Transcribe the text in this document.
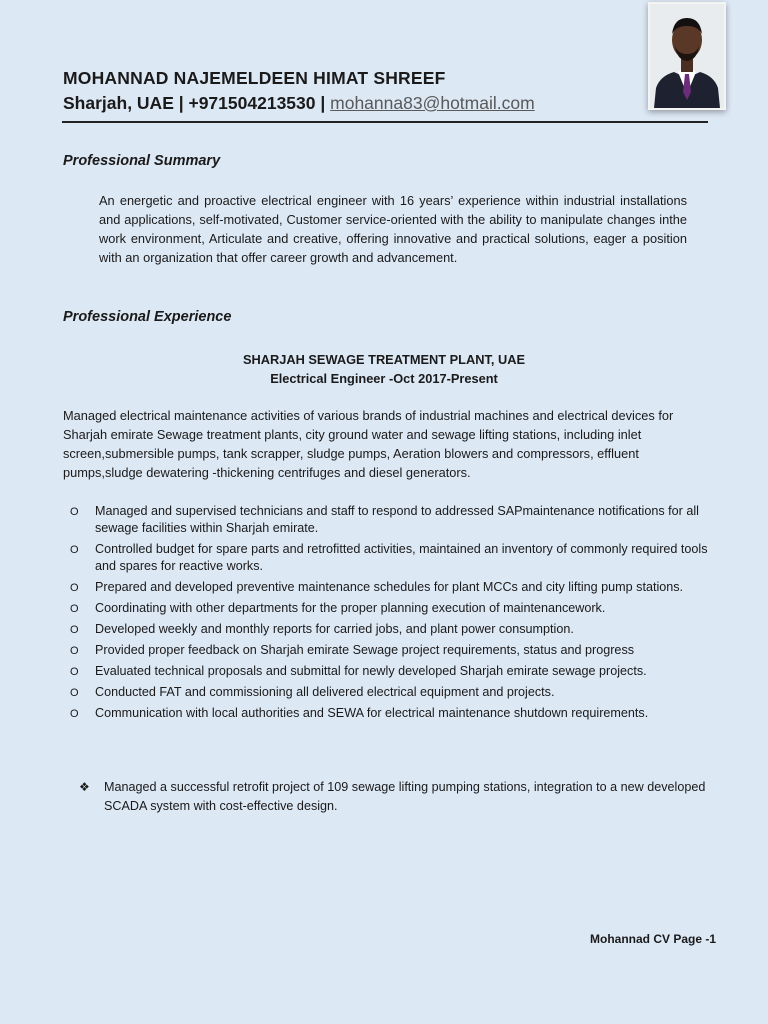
MOHANNAD NAJEMELDEEN HIMAT SHREEF
Sharjah, UAE | +971504213530 | mohanna83@hotmail.com
Professional Summary
An energetic and proactive electrical engineer with 16 years’ experience within industrial installations and applications, self-motivated, Customer service-oriented with the ability to manipulate changes inthe work environment, Articulate and creative, offering innovative and practical solutions, eager a position with an organization that offer career growth and advancement.
Professional Experience
SHARJAH SEWAGE TREATMENT PLANT, UAE
Electrical Engineer -Oct 2017-Present
Managed electrical maintenance activities of various brands of industrial machines and electrical devices for Sharjah emirate Sewage treatment plants, city ground water and sewage lifting stations, including inlet screen,submersible pumps, tank scrapper, sludge pumps, Aeration blowers and compressors, effluent pumps,sludge dewatering -thickening centrifuges and diesel generators.
O Managed and supervised technicians and staff to respond to addressed SAPmaintenance notifications for all sewage facilities within Sharjah emirate.
O Controlled budget for spare parts and retrofitted activities, maintained an inventory of commonly required tools and spares for reactive works.
O Prepared and developed preventive maintenance schedules for plant MCCs and city lifting pump stations.
O Coordinating with other departments for the proper planning execution of maintenancework.
O Developed weekly and monthly reports for carried jobs, and plant power consumption.
O Provided proper feedback on Sharjah emirate Sewage project requirements, status and progress
O Evaluated technical proposals and submittal for newly developed Sharjah emirate sewage projects.
O Conducted FAT and commissioning all delivered electrical equipment and projects.
O Communication with local authorities and SEWA for electrical maintenance shutdown requirements.
❖ Managed a successful retrofit project of 109 sewage lifting pumping stations, integration to a new developed SCADA system with cost-effective design.
Mohannad CV Page -1
